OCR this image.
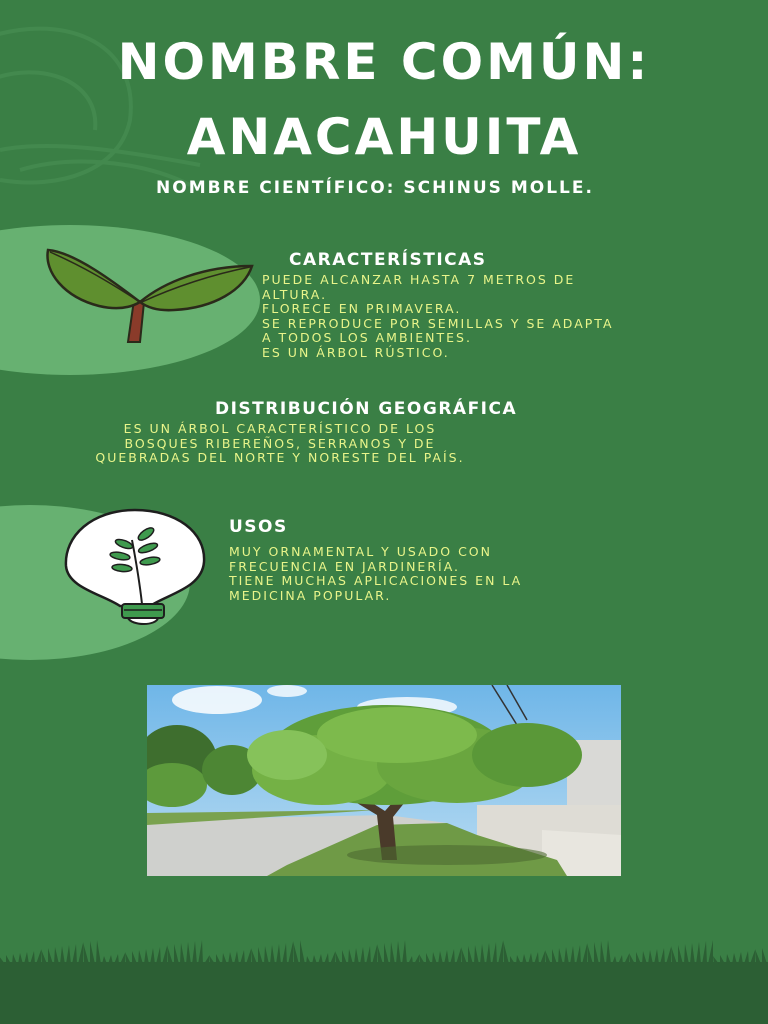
NOMBRE COMÚN:
ANACAHUITA
NOMBRE CIENTÍFICO: SCHINUS MOLLE.
CARACTERÍSTICAS
PUEDE ALCANZAR HASTA 7 METROS DE
ALTURA.
FLORECE EN PRIMAVERA.
SE REPRODUCE POR SEMILLAS Y SE ADAPTA
A TODOS LOS AMBIENTES.
ES UN ÁRBOL RÚSTICO.
DISTRIBUCIÓN GEOGRÁFICA
ES UN ÁRBOL CARACTERÍSTICO DE LOS
BOSQUES RIBEREÑOS, SERRANOS Y DE
QUEBRADAS DEL NORTE Y NORESTE DEL PAÍS.
USOS
MUY ORNAMENTAL Y USADO CON
FRECUENCIA EN JARDINERÍA.
TIENE MUCHAS APLICACIONES EN LA
MEDICINA POPULAR.
